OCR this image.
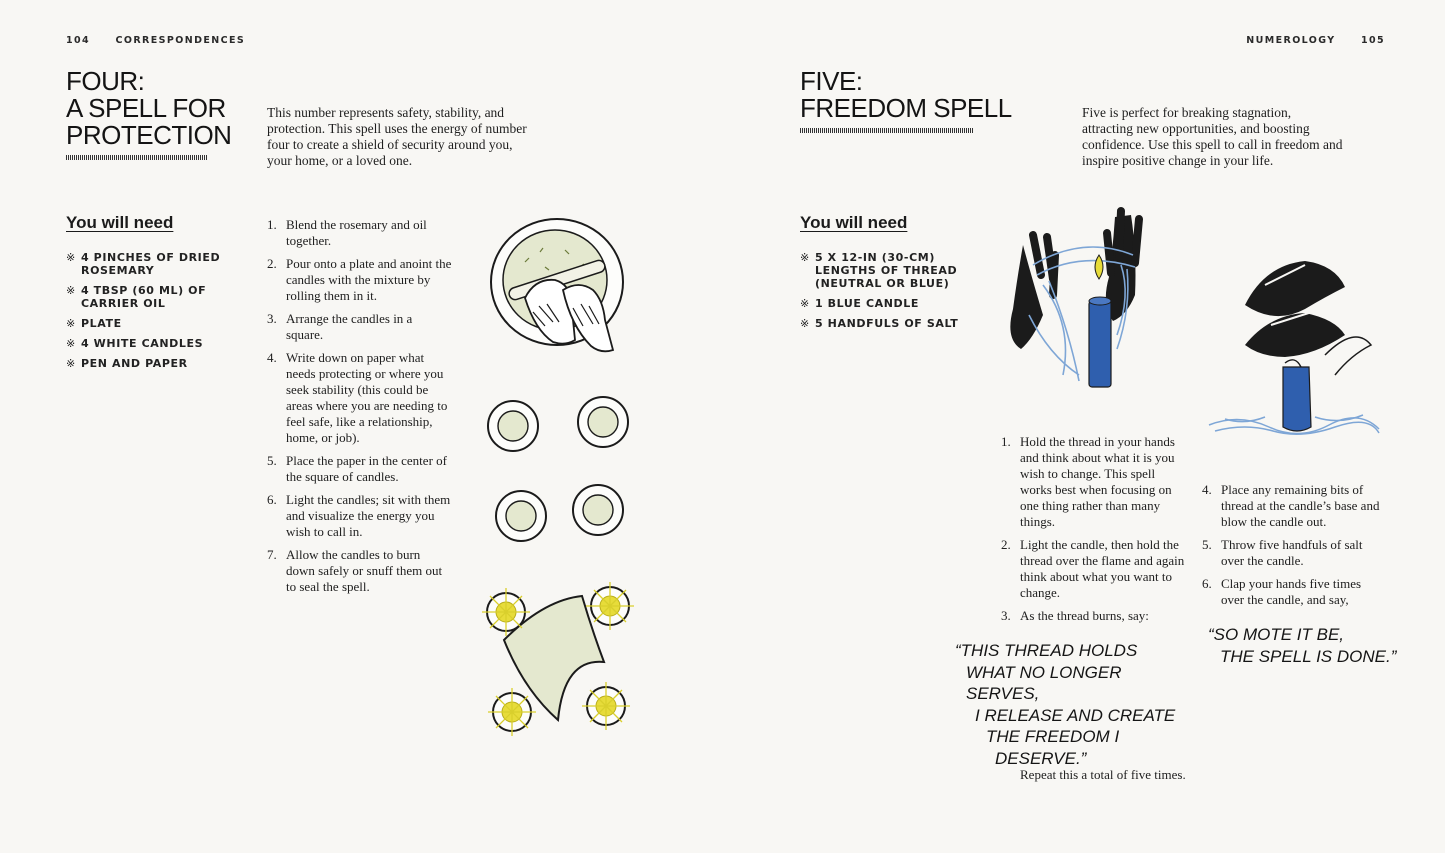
104	CORRESPONDENCES
FOUR:
A SPELL FOR
PROTECTION

This number represents safety, stability, and protection. This spell uses the energy of number four to create a shield of security around you, your home, or a loved one.

You will need
※ 4 PINCHES OF DRIED ROSEMARY
※ 4 TBSP (60 ML) OF CARRIER OIL
※ PLATE
※ 4 WHITE CANDLES
※ PEN AND PAPER
1. Blend the rosemary and oil together.
2. Pour onto a plate and anoint the candles with the mixture by rolling them in it.
3. Arrange the candles in a square.
4. Write down on paper what needs protecting or where you seek stability (this could be areas where you are needing to feel safe, like a relationship, home, or job).
5. Place the paper in the center of the square of candles.
6. Light the candles; sit with them and visualize the energy you wish to call in.
7. Allow the candles to burn down safely or snuff them out to seal the spell.
NUMEROLOGY	105
FIVE:
FREEDOM SPELL	Five is perfect for breaking stagnation, attracting new opportunities, and boosting confidence. Use this spell to call in freedom and inspire positive change in your life.

You will need
※ 5 X 12-IN (30-CM) LENGTHS OF THREAD (NEUTRAL OR BLUE)
※ 1 BLUE CANDLE
※ 5 HANDFULS OF SALT
1. Hold the thread in your hands and think about what it is you wish to change. This spell works best when focusing on one thing rather than many things.
2. Light the candle, then hold the thread over the flame and again think about what you want to change.
3. As the thread burns, say:

“THIS THREAD HOLDS
WHAT NO LONGER SERVES,
I RELEASE AND CREATE
THE FREEDOM I
DESERVE.”

Repeat this a total of five times.

4. Place any remaining bits of thread at the candle’s base and blow the candle out.
5. Throw five handfuls of salt over the candle.
6. Clap your hands five times over the candle, and say,

“SO MOTE IT BE,
THE SPELL IS DONE.”
